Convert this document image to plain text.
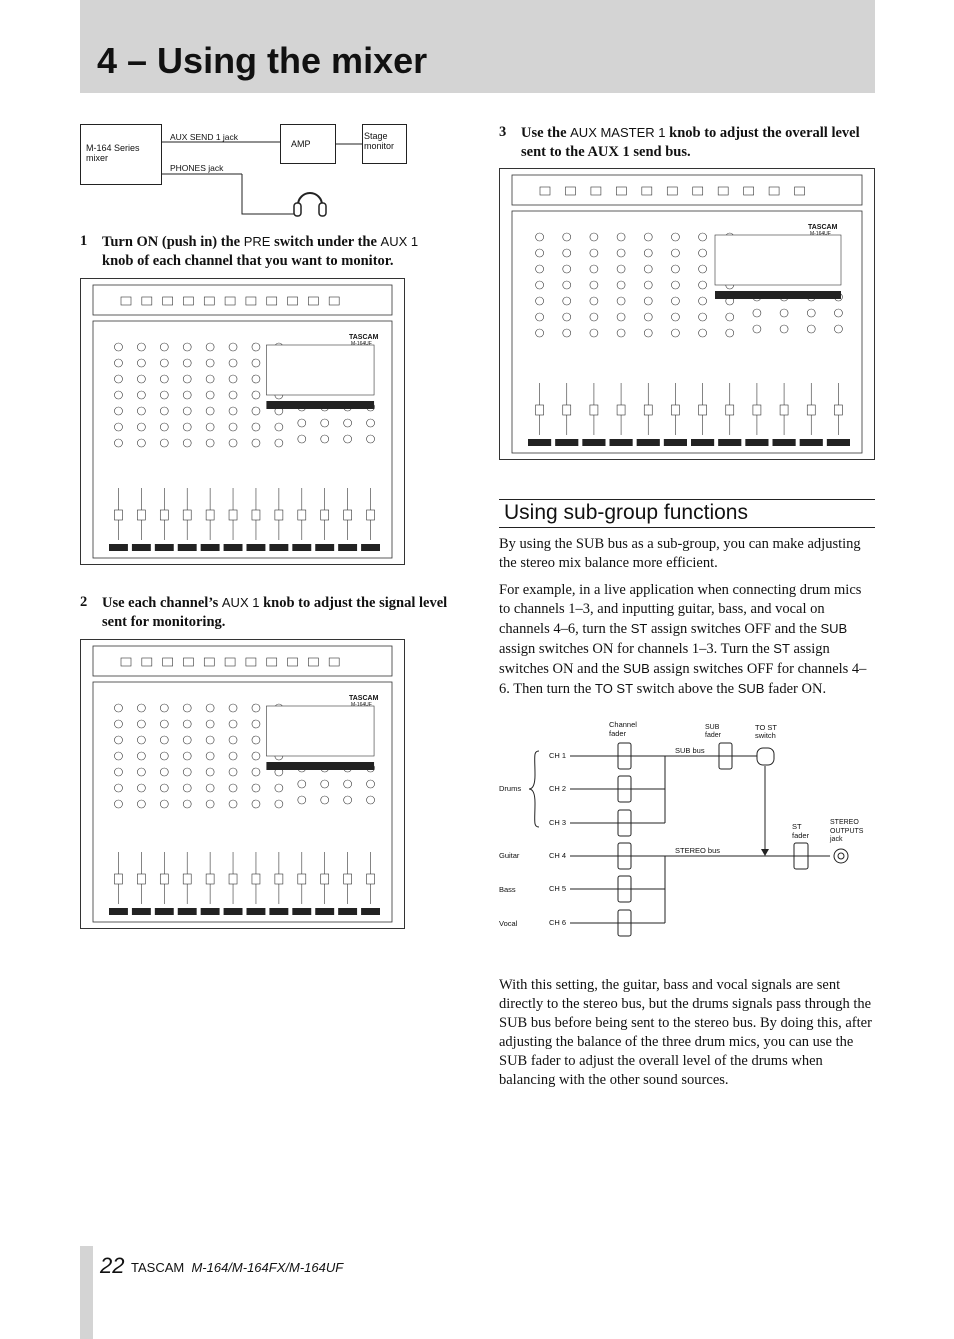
4 – Using the mixer
M-164 Series mixer
AUX SEND 1 jack
PHONES jack
AMP
Stage monitor
1 Turn ON (push in) the PRE switch under the AUX 1 knob of each channel that you want to monitor.
TASCAM
M-164UF
2 Use each channel’s AUX 1 knob to adjust the signal level sent for monitoring.
TASCAM
M-164UF
3 Use the AUX MASTER 1 knob to adjust the overall level sent to the AUX 1 send bus.
TASCAM
M-164UF
Using sub-group functions
By using the SUB bus as a sub-group, you can make adjusting the stereo mix balance more efficient.
For example, in a live application when connecting drum mics to channels 1–3, and inputting guitar, bass, and vocal on channels 4–6, turn the ST assign switches OFF and the SUB assign switches ON for channels 1–3. Turn the ST assign switches ON and the SUB assign switches OFF for channels 4–6. Then turn the TO ST switch above the SUB fader ON.
Channel fader
SUB fader
TO ST switch
SUB bus
STEREO bus
ST fader
STEREO OUTPUTS jack
Drums
Guitar
Bass
Vocal
CH 1
CH 2
CH 3
CH 4
CH 5
CH 6
With this setting, the guitar, bass and vocal signals are sent directly to the stereo bus, but the drums signals pass through the SUB bus before being sent to the stereo bus. By doing this, after adjusting the balance of the three drum mics, you can use the SUB fader to adjust the overall level of the drums when balancing with the other sound sources.
22 TASCAM M-164/M-164FX/M-164UF
